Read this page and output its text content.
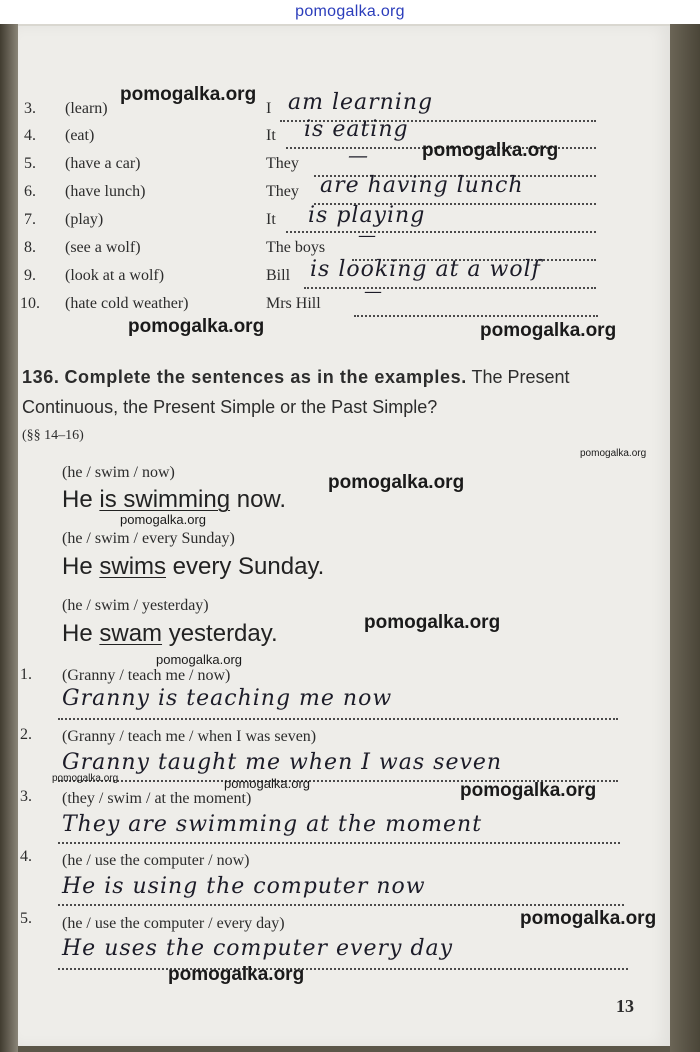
pomogalka.org
3. (learn)	I am learning
4. (eat)	It is eating
5. (have a car)	They —
6. (have lunch)	They are having lunch
7. (play)	It is playing
8. (see a wolf)	The boys
—
9. (look at a wolf)	Bill is looking at a wolf
10. (hate cold weather)	Mrs Hill
—
136. Complete the sentences as in the examples. The Present Continuous, the Present Simple or the Past Simple?
(§§ 14–16)
(he / swim / now)
He is swimming now.
(he / swim / every Sunday)
He swims every Sunday.
(he / swim / yesterday)
He swam yesterday.
1. (Granny / teach me / now)
Granny is teaching me now
2. (Granny / teach me / when I was seven)
Granny taught me when I was seven
3. (they / swim / at the moment)
They are swimming at the moment
4. (he / use the computer / now)
He is using the computer now
5. (he / use the computer / every day)
He uses the computer every day
13
pomogalka.org
pomogalka.org
pomogalka.org	pomogalka.org
pomogalka.org
pomogalka.org
pomogalka.org
pomogalka.org
pomogalka.org
pomogalka.org	pomogalka.org	pomogalka.org
pomogalka.org
pomogalka.org
